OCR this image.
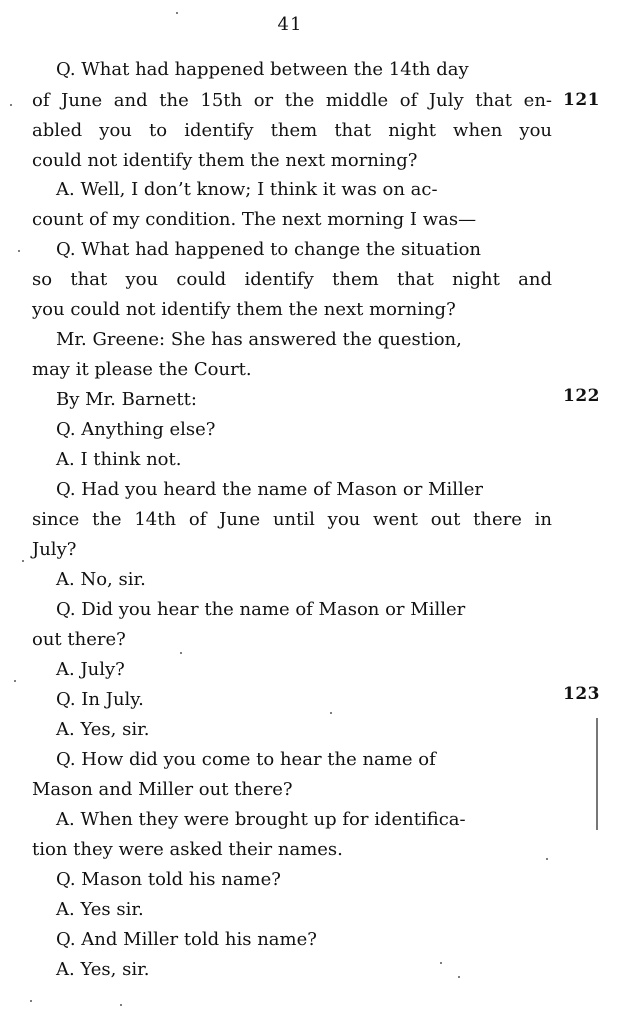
41
121
122
123
Q. What had happened between the 14th day
of June and the 15th or the middle of July that en-
abled you to identify them that night when you
could not identify them the next morning?
A. Well, I don’t know; I think it was on ac-
count of my condition. The next morning I was—
Q. What had happened to change the situation
so that you could identify them that night and
you could not identify them the next morning?
Mr. Greene: She has answered the question,
may it please the Court.
By Mr. Barnett:
Q. Anything else?
A. I think not.
Q. Had you heard the name of Mason or Miller
since the 14th of June until you went out there in
July?
A. No, sir.
Q. Did you hear the name of Mason or Miller
out there?
A. July?
Q. In July.
A. Yes, sir.
Q. How did you come to hear the name of
Mason and Miller out there?
A. When they were brought up for identifica-
tion they were asked their names.
Q. Mason told his name?
A. Yes sir.
Q. And Miller told his name?
A. Yes, sir.
